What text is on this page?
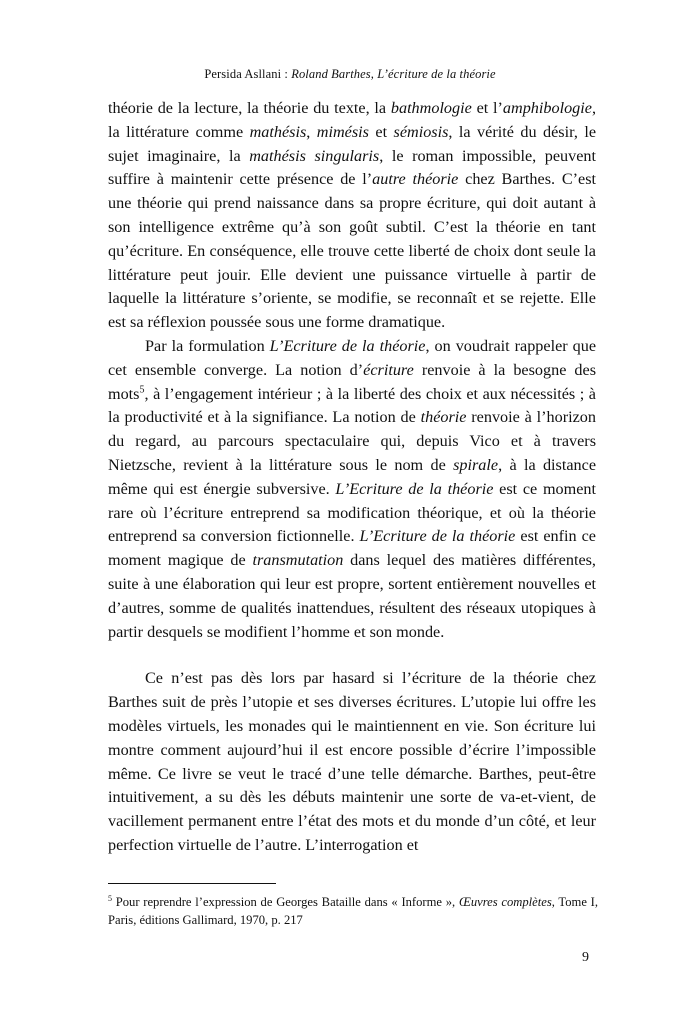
Persida Asllani : Roland Barthes, L’écriture de la théorie

théorie de la lecture, la théorie du texte, la bathmologie et l’amphibologie, la littérature comme mathésis, mimésis et sémiosis, la vérité du désir, le sujet imaginaire, la mathésis singularis, le roman impossible, peuvent suffire à maintenir cette présence de l’autre théorie chez Barthes. C’est une théorie qui prend naissance dans sa propre écriture, qui doit autant à son intelligence extrême qu’à son goût subtil. C’est la théorie en tant qu’écriture. En conséquence, elle trouve cette liberté de choix dont seule la littérature peut jouir. Elle devient une puissance virtuelle à partir de laquelle la littérature s’oriente, se modifie, se reconnaît et se rejette. Elle est sa réflexion poussée sous une forme dramatique.

Par la formulation L’Ecriture de la théorie, on voudrait rappeler que cet ensemble converge. La notion d’écriture renvoie à la besogne des mots$^5$, à l’engagement intérieur ; à la liberté des choix et aux nécessités ; à la productivité et à la signifiance. La notion de théorie renvoie à l’horizon du regard, au parcours spectaculaire qui, depuis Vico et à travers Nietzsche, revient à la littérature sous le nom de spirale, à la distance même qui est énergie subversive. L’Ecriture de la théorie est ce moment rare où l’écriture entreprend sa modification théorique, et où la théorie entreprend sa conversion fictionnelle. L’Ecriture de la théorie est enfin ce moment magique de transmutation dans lequel des matières différentes, suite à une élaboration qui leur est propre, sortent entièrement nouvelles et d’autres, somme de qualités inattendues, résultent des réseaux utopiques à partir desquels se modifient l’homme et son monde.

Ce n’est pas dès lors par hasard si l’écriture de la théorie chez Barthes suit de près l’utopie et ses diverses écritures. L’utopie lui offre les modèles virtuels, les monades qui le maintiennent en vie. Son écriture lui montre comment aujourd’hui il est encore possible d’écrire l’impossible même. Ce livre se veut le tracé d’une telle démarche. Barthes, peut-être intuitivement, a su dès les débuts maintenir une sorte de va-et-vient, de vacillement permanent entre l’état des mots et du monde d’un côté, et leur perfection virtuelle de l’autre. L’interrogation et

$^5$ Pour reprendre l’expression de Georges Bataille dans « Informe », Œuvres complètes, Tome I, Paris, éditions Gallimard, 1970, p. 217
9
